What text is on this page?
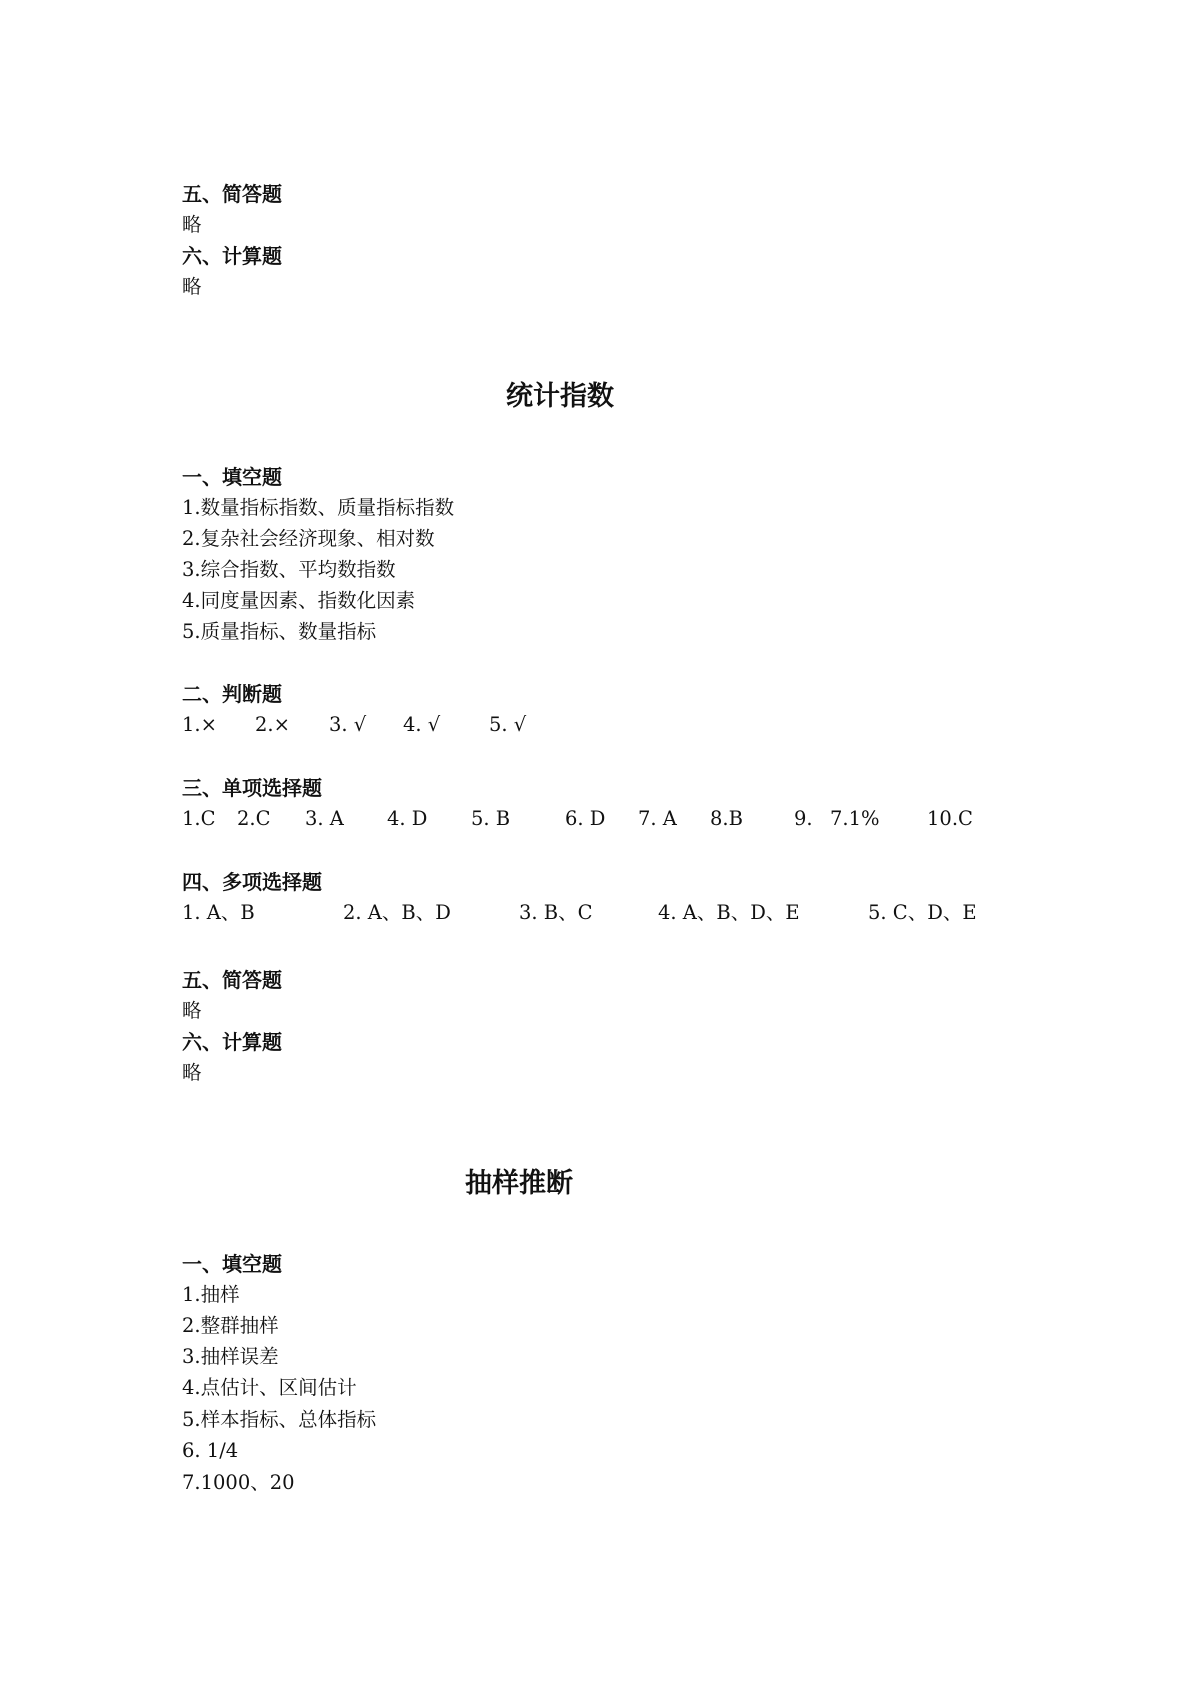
五、简答题
略
六、计算题
略
统计指数
一、填空题
1.数量指标指数、质量指标指数
2.复杂社会经济现象、相对数
3.综合指数、平均数指数
4.同度量因素、指数化因素
5.质量指标、数量指标
二、判断题
1.× 2.× 3. √ 4. √	5. √
三、单项选择题
1.C 2.C 3. A 4. D 5. B	6. D 7. A 8.B	9. 7.1% 10.C
四、多项选择题
1. A、B	2. A、B、D	3. B、C	4. A、B、D、E	5. C、D、E
五、简答题
略
六、计算题
略
抽样推断
一、填空题
1.抽样
2.整群抽样
3.抽样误差
4.点估计、区间估计
5.样本指标、总体指标
6. 1/4
7.1000、20
